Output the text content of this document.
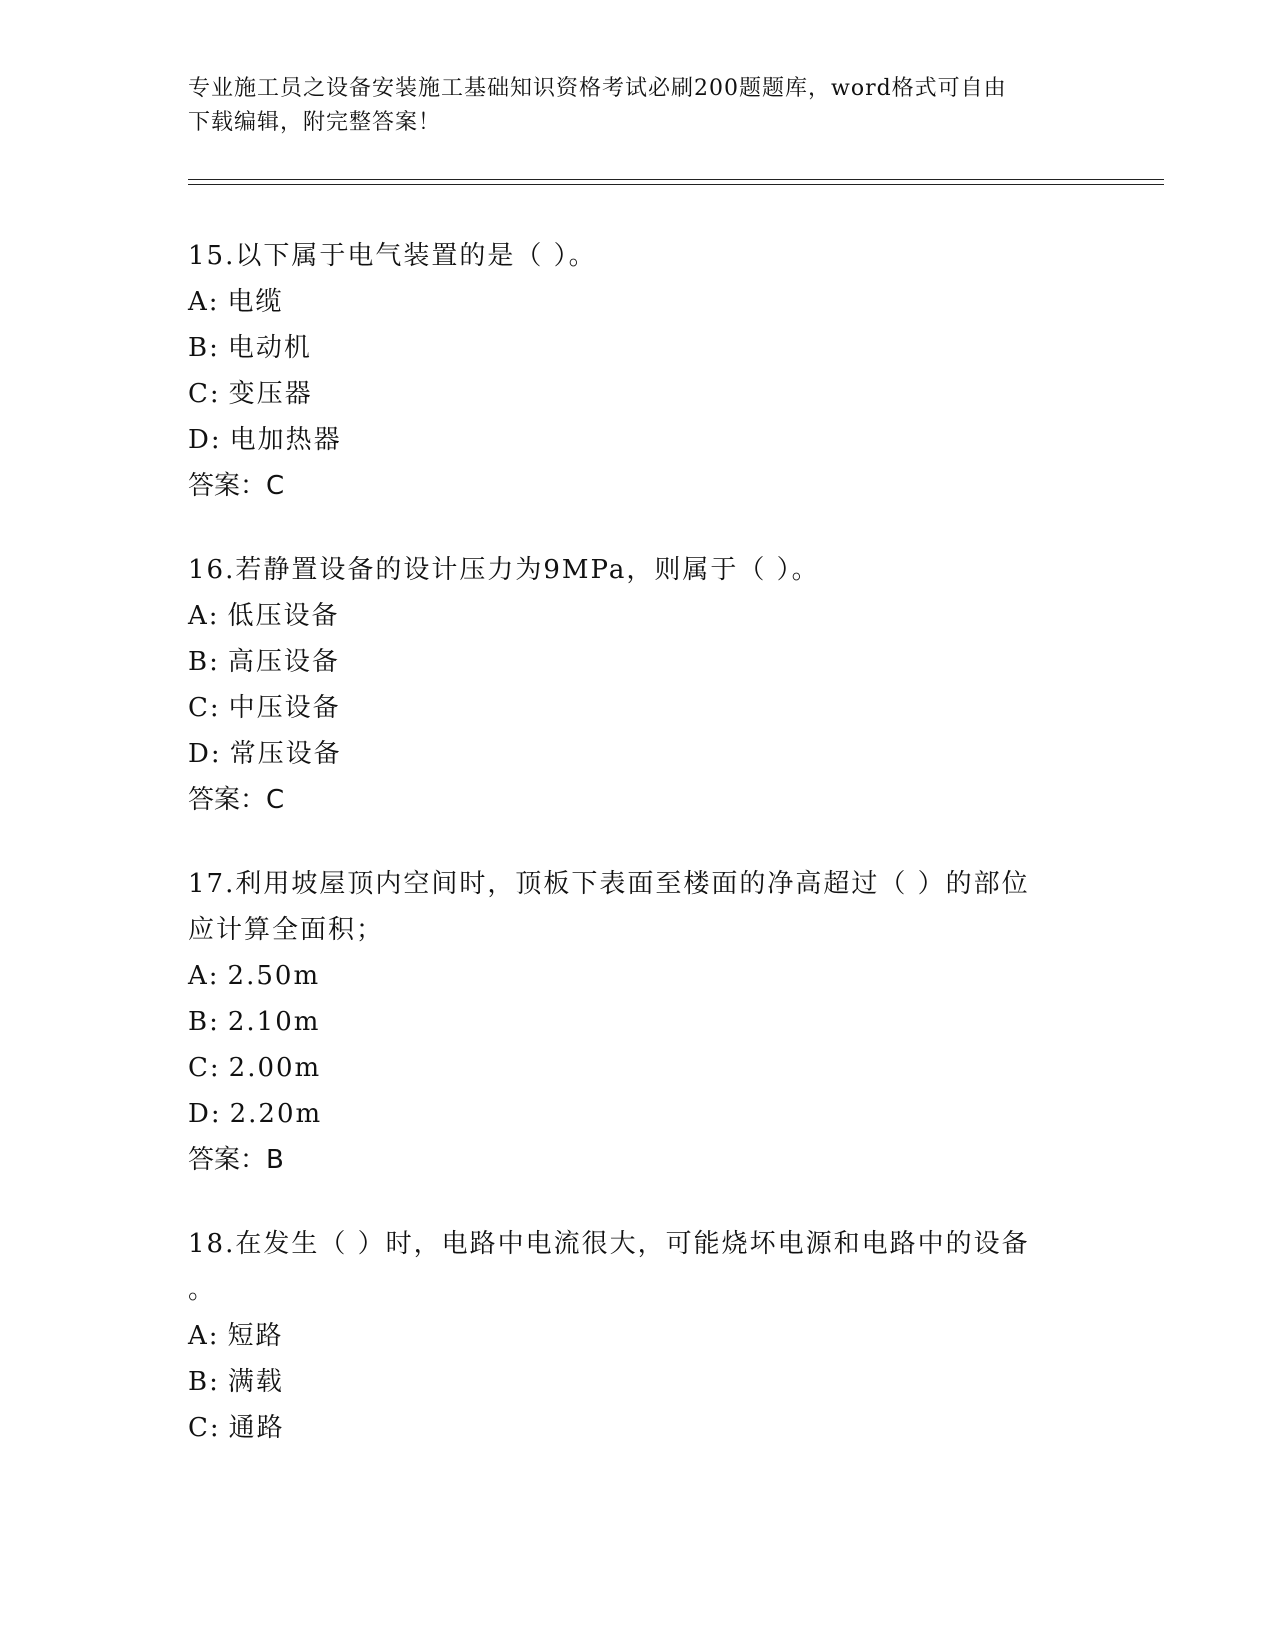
专业施工员之设备安装施工基础知识资格考试必刷200题题库，word格式可自由
下载编辑，附完整答案！
15.以下属于电气装置的是（ ）。
A: 电缆
B: 电动机
C: 变压器
D: 电加热器
答案：C
16.若静置设备的设计压力为9MPa，则属于（ ）。
A: 低压设备
B: 高压设备
C: 中压设备
D: 常压设备
答案：C
17.利用坡屋顶内空间时，顶板下表面至楼面的净高超过（ ）的部位
应计算全面积；
A: 2.50m
B: 2.10m
C: 2.00m
D: 2.20m
答案：B
18.在发生（ ）时，电路中电流很大，可能烧坏电源和电路中的设备
。
A: 短路
B: 满载
C: 通路
